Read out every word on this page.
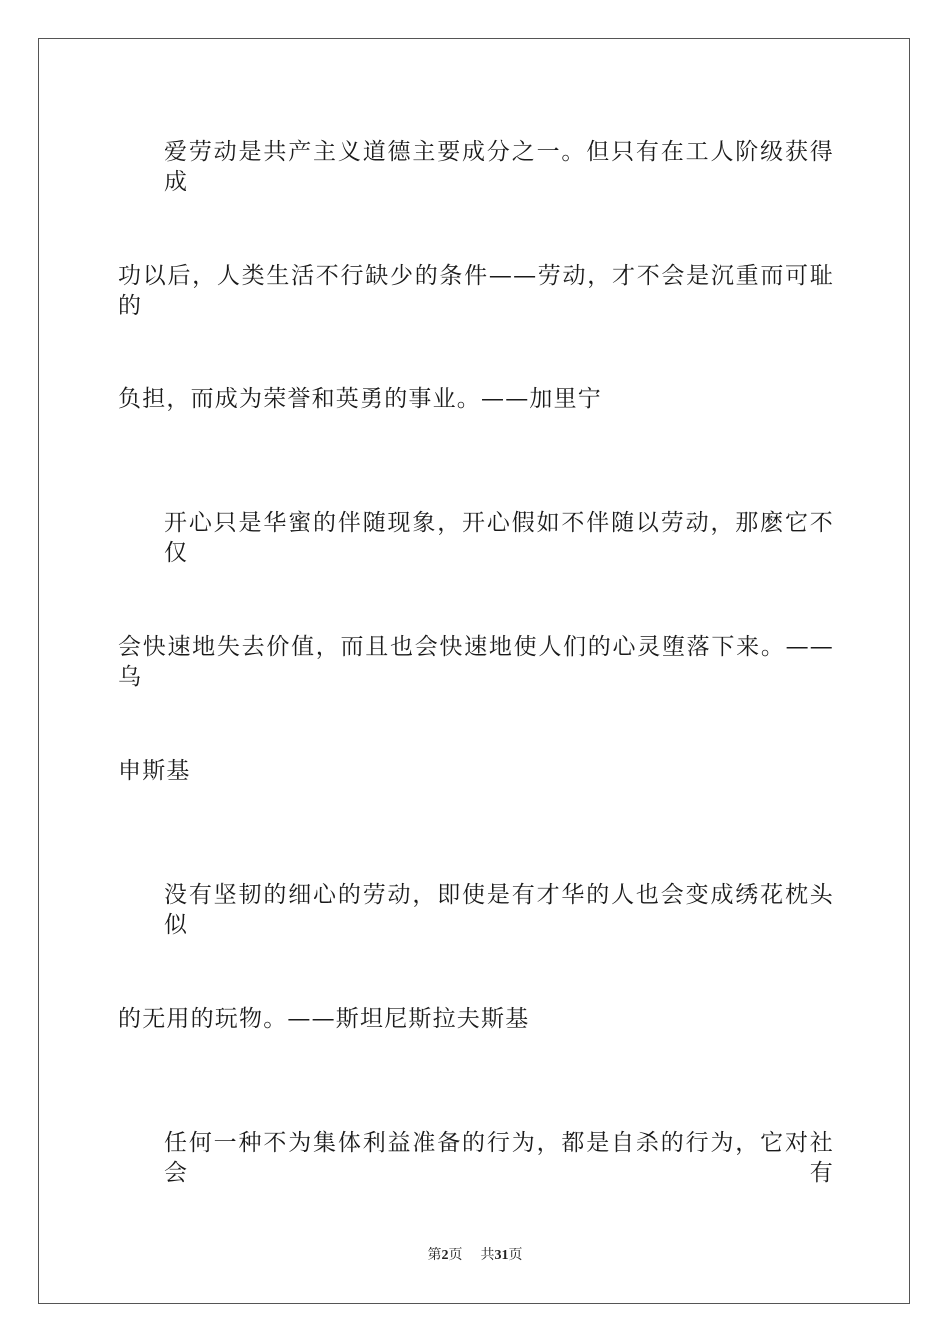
爱劳动是共产主义道德主要成分之一。但只有在工人阶级获得成
功以后，人类生活不行缺少的条件——劳动，才不会是沉重而可耻的
负担，而成为荣誉和英勇的事业。——加里宁
开心只是华蜜的伴随现象，开心假如不伴随以劳动，那麽它不仅
会快速地失去价值，而且也会快速地使人们的心灵堕落下来。——乌
申斯基
没有坚韧的细心的劳动，即使是有才华的人也会变成绣花枕头似
的无用的玩物。——斯坦尼斯拉夫斯基
任何一种不为集体利益准备的行为，都是自杀的行为，它对社会有
第2页 共31页
